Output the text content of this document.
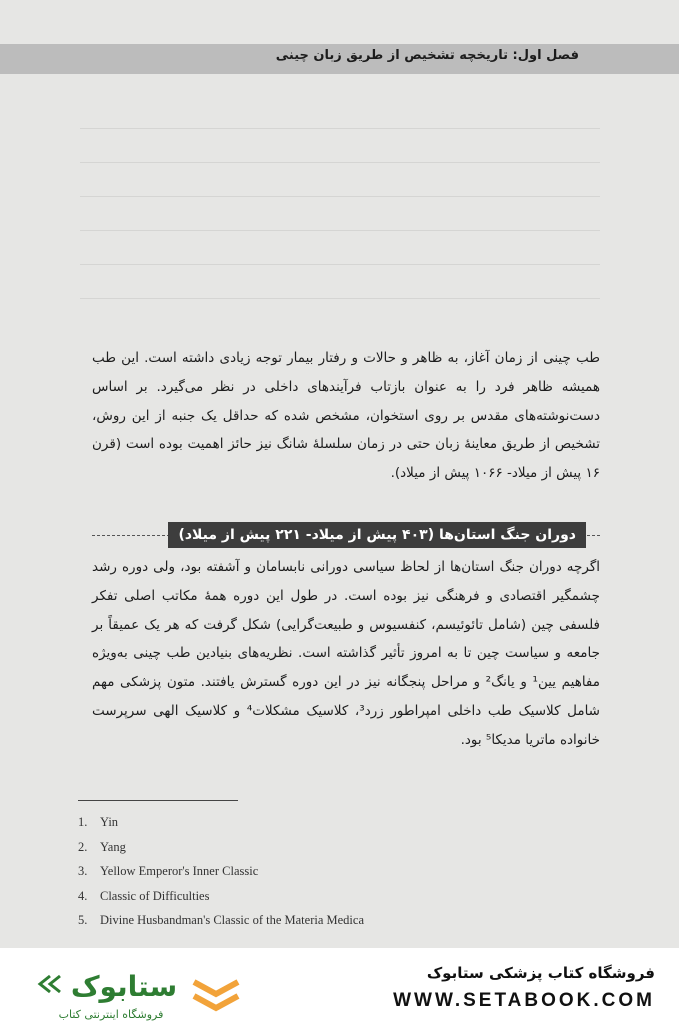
فصل اول: تاریخچه تشخیص از طریق زبان چینی

طب چینی از زمان آغاز، به ظاهر و حالات و رفتار بیمار توجه زیادی داشته است. این طب همیشه ظاهر فرد را به عنوان بازتاب فرآیندهای داخلی در نظر می‌گیرد. بر اساس دست‌نوشته‌های مقدس بر روی استخوان، مشخص شده که حداقل یک جنبه از این روش، تشخیص از طریق معاینهٔ زبان حتی در زمان سلسلهٔ شانگ نیز حائز اهمیت بوده است (قرن ۱۶ پیش از میلاد- ۱۰۶۶ پیش از میلاد).

دوران جنگ استان‌ها (۴۰۳ پیش از میلاد- ۲۲۱ پیش از میلاد)

اگرچه دوران جنگ استان‌ها از لحاظ سیاسی دورانی نابسامان و آشفته بود، ولی دوره رشد چشمگیر اقتصادی و فرهنگی نیز بوده است. در طول این دوره همهٔ مکاتب اصلی تفکر فلسفی چین (شامل تائوئیسم، کنفسیوس و طبیعت‌گرایی) شکل گرفت که هر یک عمیقاً بر جامعه و سیاست چین تا به امروز تأثیر گذاشته است. نظریه‌های بنیادین طب چینی به‌ویژه مفاهیم یین¹ و یانگ² و مراحل پنجگانه نیز در این دوره گسترش یافتند. متون پزشکی مهم شامل کلاسیک طب داخلی امپراطور زرد³، کلاسیک مشکلات⁴ و کلاسیک الهی سرپرست خانواده ماتریا مدیکا⁵ بود.

1. Yin
2. Yang
3. Yellow Emperor's Inner Classic
4. Classic of Difficulties
5. Divine Husbandman's Classic of the Materia Medica
ستابوک
فروشگاه اینترنتی کتاب
فروشگاه کتاب پزشکی ستابوک
WWW.SETABOOK.COM
